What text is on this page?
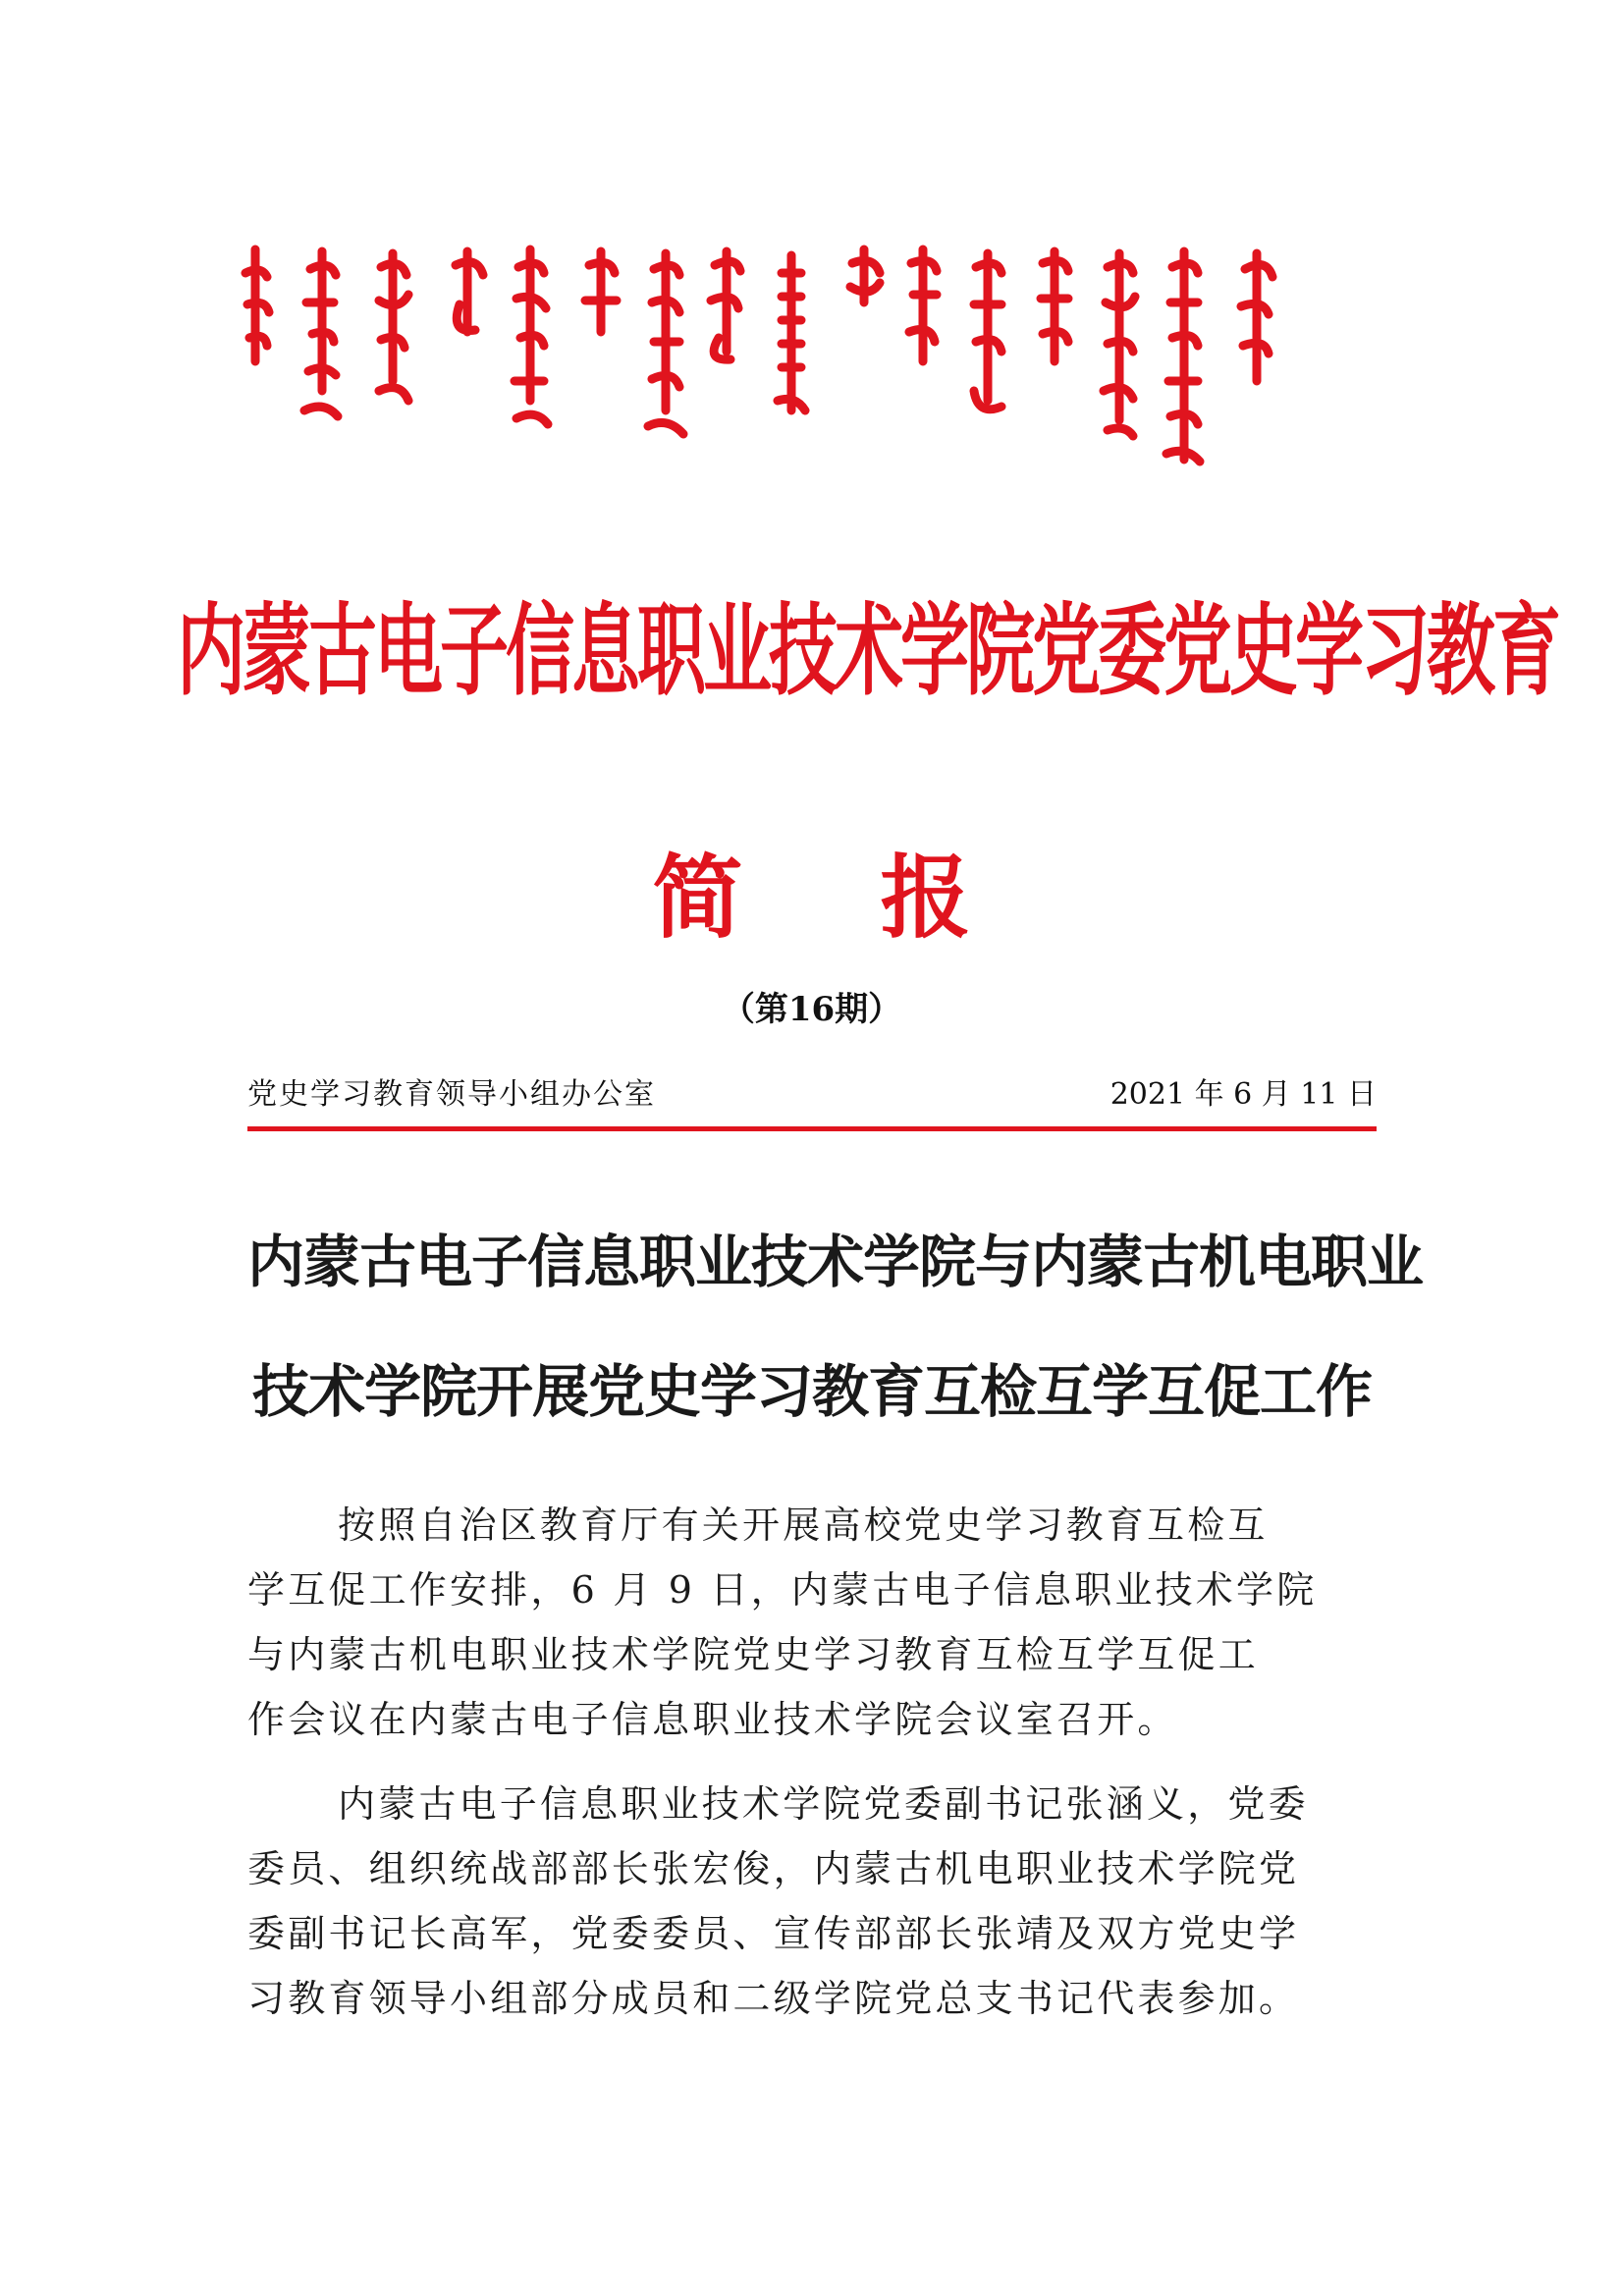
内蒙古电子信息职业技术学院党委党史学习教育
简报
（第16期）
党史学习教育领导小组办公室	2021 年 6 月 11 日
内蒙古电子信息职业技术学院与内蒙古机电职业
技术学院开展党史学习教育互检互学互促工作
按照自治区教育厅有关开展高校党史学习教育互检互
学互促工作安排，6 月 9 日，内蒙古电子信息职业技术学院
与内蒙古机电职业技术学院党史学习教育互检互学互促工
作会议在内蒙古电子信息职业技术学院会议室召开。
内蒙古电子信息职业技术学院党委副书记张涵义，党委
委员、组织统战部部长张宏俊，内蒙古机电职业技术学院党
委副书记长高军，党委委员、宣传部部长张靖及双方党史学
习教育领导小组部分成员和二级学院党总支书记代表参加。
